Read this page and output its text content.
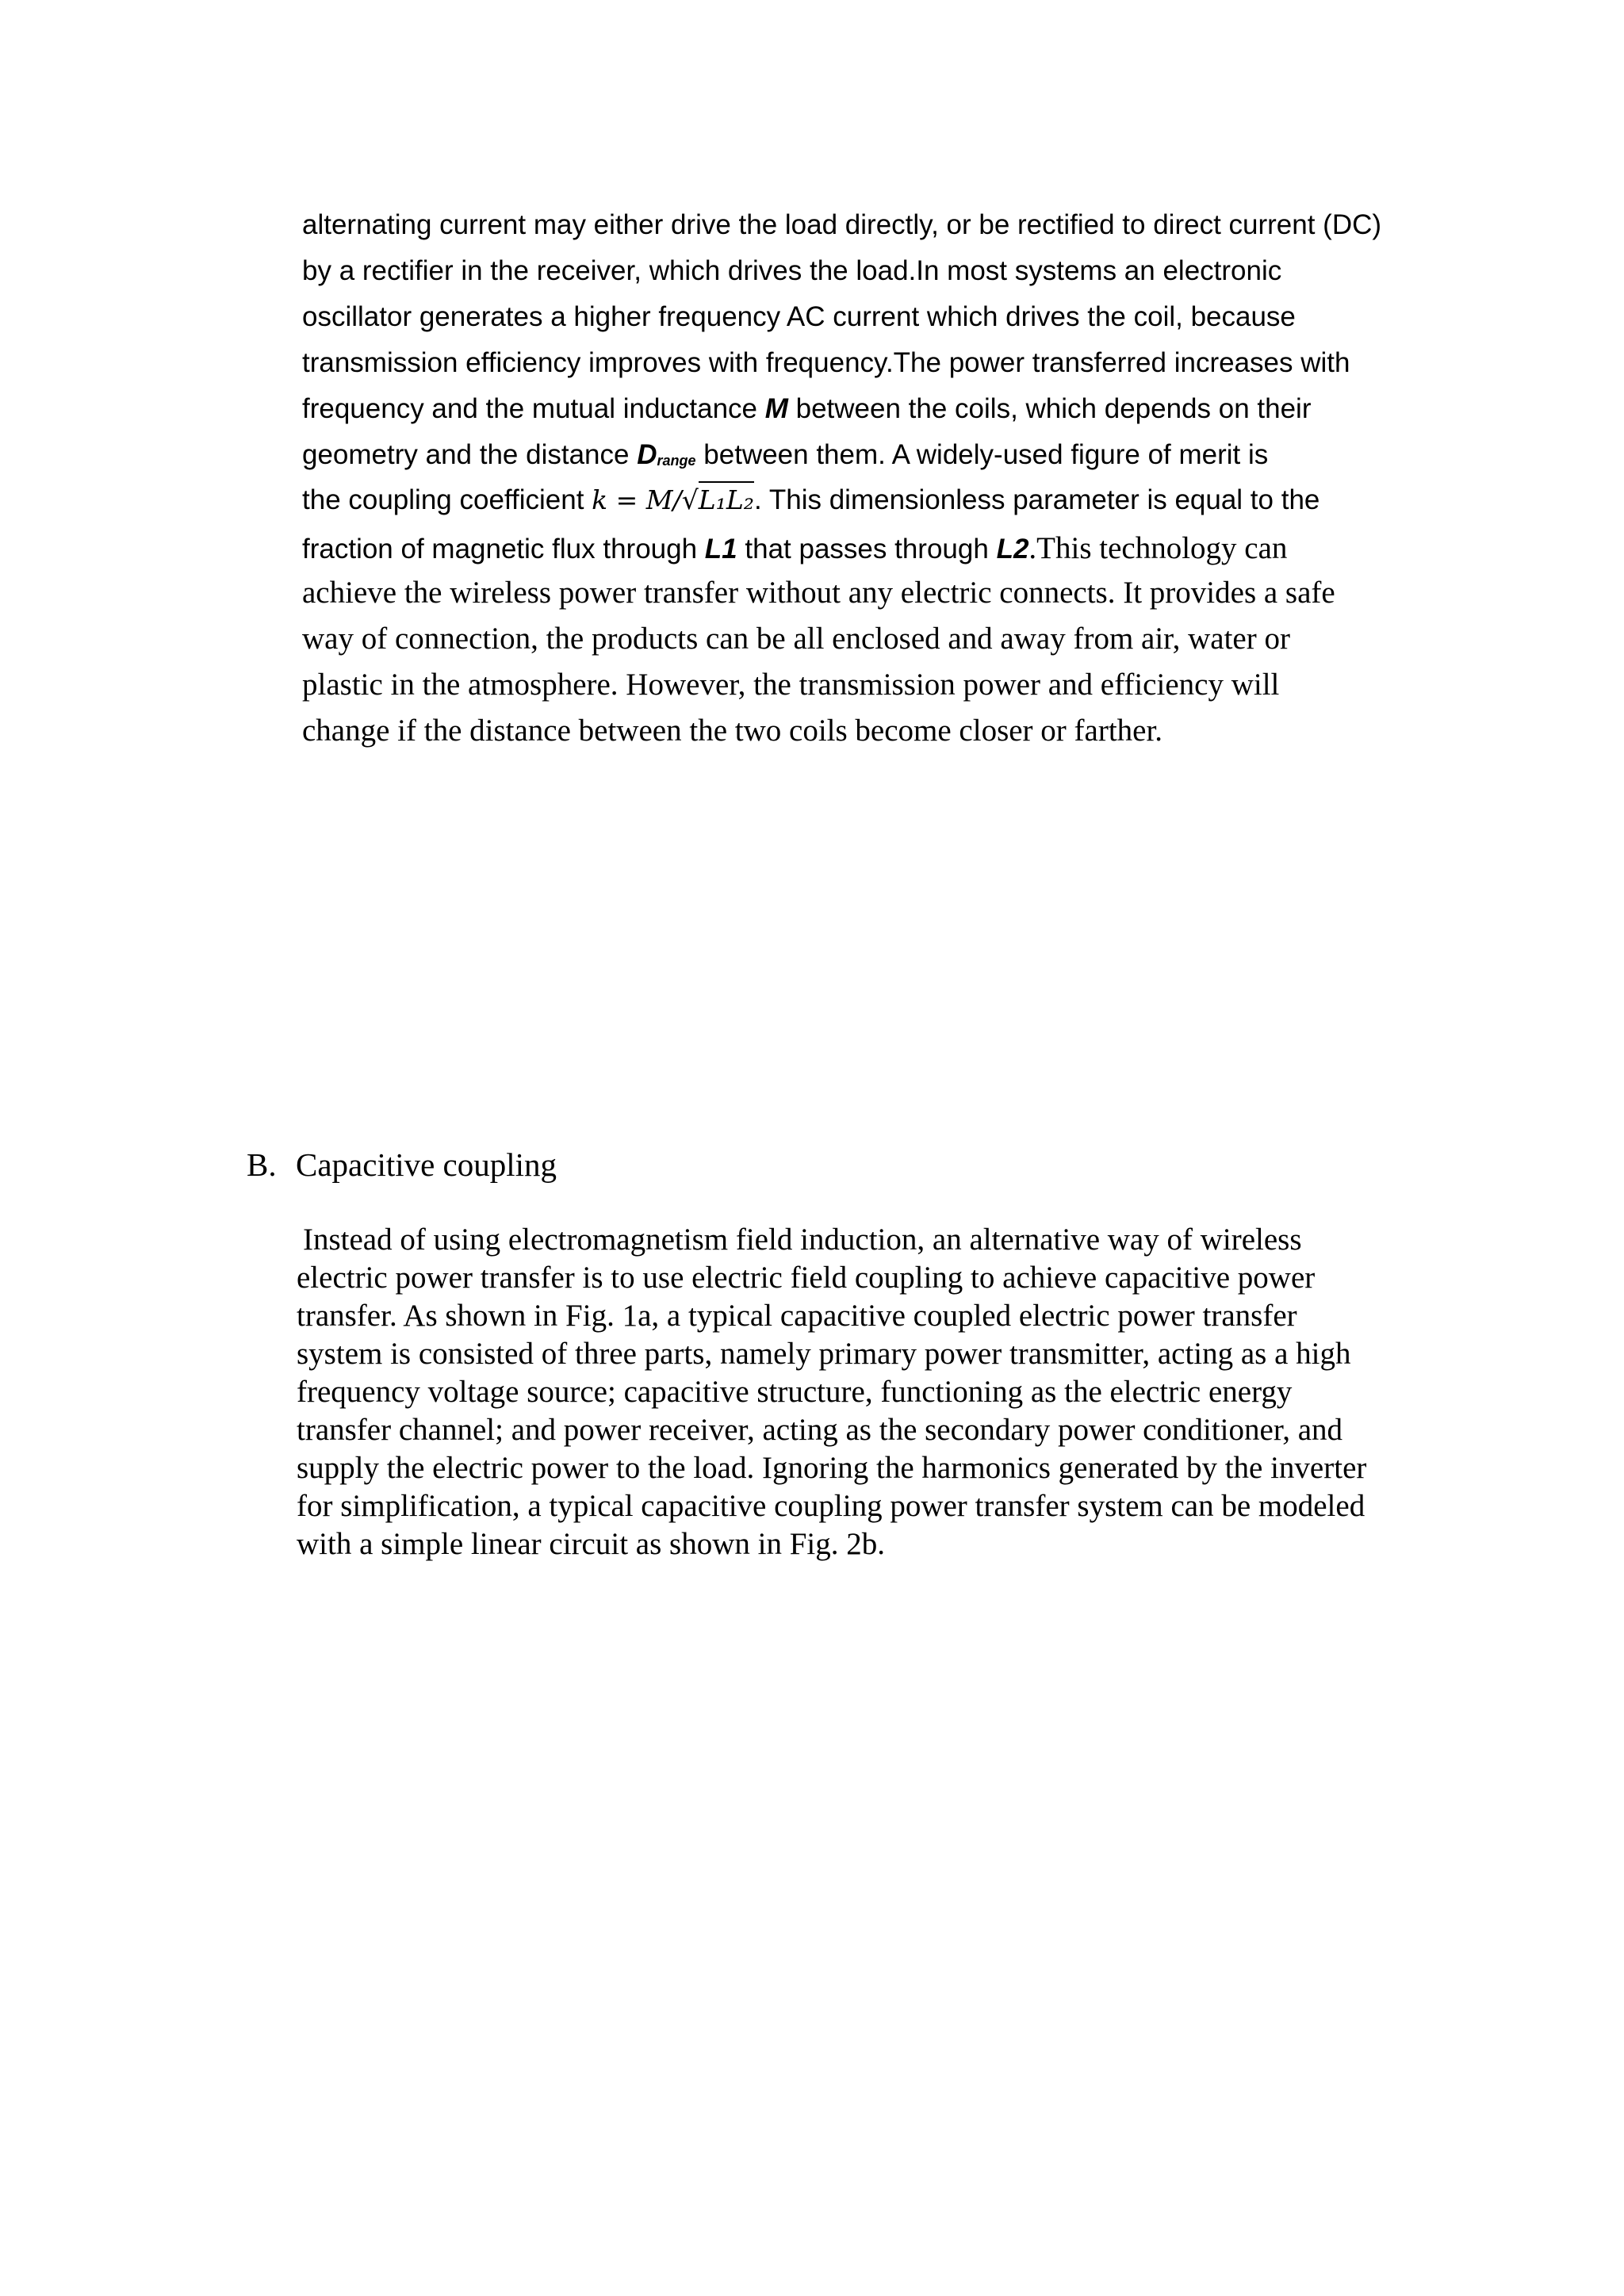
alternating current may either drive the load directly, or be rectified to direct current (DC)
by a rectifier in the receiver, which drives the load.In most systems an electronic
oscillator generates a higher frequency AC current which drives the coil, because
transmission efficiency improves with frequency.The power transferred increases with
frequency and the mutual inductance M between the coils, which depends on their
geometry and the distance Drange between them. A widely-used figure of merit is
the coupling coefficient k = M/√L₁L₂. This dimensionless parameter is equal to the
fraction of magnetic flux through L1 that passes through L2.This technology can
achieve the wireless power transfer without any electric connects. It provides a safe
way of connection, the products can be all enclosed and away from air, water or
plastic in the atmosphere. However, the transmission power and efficiency will
change if the distance between the two coils become closer or farther.
B. Capacitive coupling
Instead of using electromagnetism field induction, an alternative way of wireless
electric power transfer is to use electric field coupling to achieve capacitive power
transfer. As shown in Fig. 1a, a typical capacitive coupled electric power transfer
system is consisted of three parts, namely primary power transmitter, acting as a high
frequency voltage source; capacitive structure, functioning as the electric energy
transfer channel; and power receiver, acting as the secondary power conditioner, and
supply the electric power to the load. Ignoring the harmonics generated by the inverter
for simplification, a typical capacitive coupling power transfer system can be modeled
with a simple linear circuit as shown in Fig. 2b.
